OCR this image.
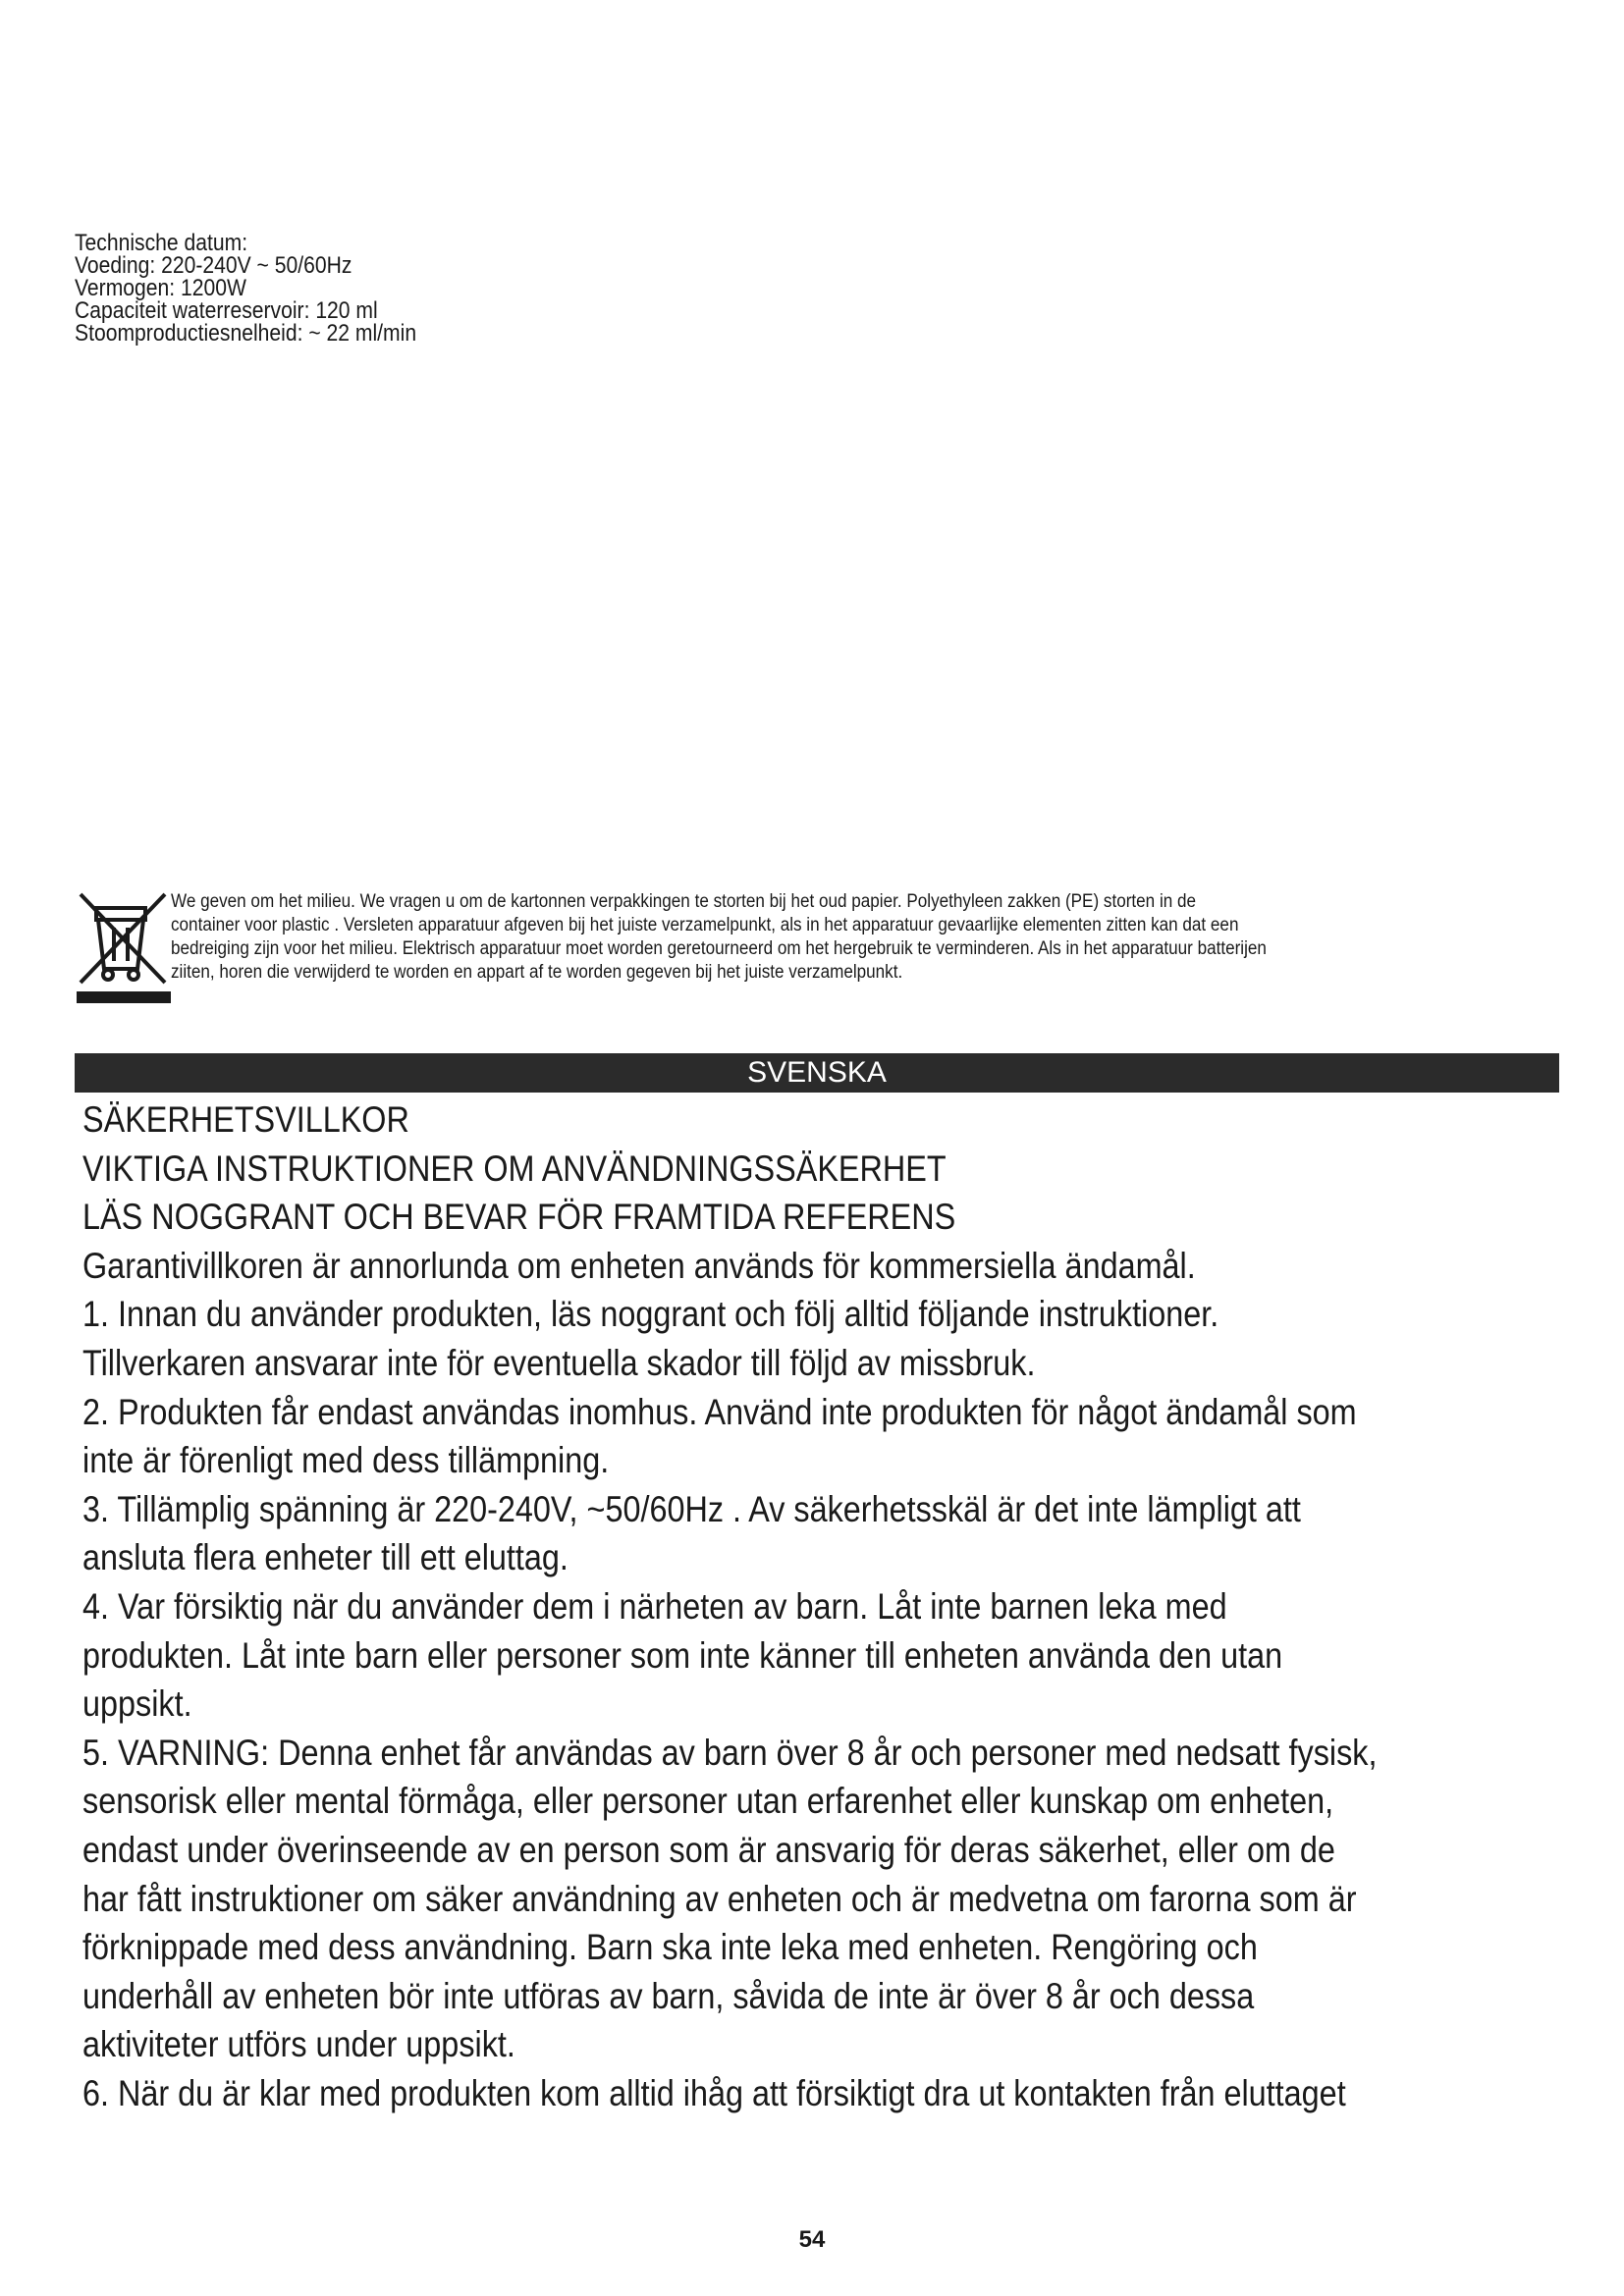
Technische datum:
Voeding: 220-240V ~ 50/60Hz
Vermogen: 1200W
Capaciteit waterreservoir: 120 ml
Stoomproductiesnelheid: ~ 22 ml/min
We geven om het milieu. We vragen u om de kartonnen verpakkingen te storten bij het oud papier. Polyethyleen zakken (PE) storten in de
container voor plastic . Versleten apparatuur afgeven bij het juiste verzamelpunkt, als in het apparatuur gevaarlijke elementen zitten kan dat een
bedreiging zijn voor het milieu. Elektrisch apparatuur moet worden geretourneerd om het hergebruik te verminderen. Als in het apparatuur batterijen
ziiten, horen die verwijderd te worden en appart af te worden gegeven bij het juiste verzamelpunkt.
SVENSKA
SÄKERHETSVILLKOR
VIKTIGA INSTRUKTIONER OM ANVÄNDNINGSSÄKERHET
LÄS NOGGRANT OCH BEVAR FÖR FRAMTIDA REFERENS
Garantivillkoren är annorlunda om enheten används för kommersiella ändamål.
1. Innan du använder produkten, läs noggrant och följ alltid följande instruktioner.
Tillverkaren ansvarar inte för eventuella skador till följd av missbruk.
2. Produkten får endast användas inomhus. Använd inte produkten för något ändamål som
inte är förenligt med dess tillämpning.
3. Tillämplig spänning är 220-240V, ~50/60Hz . Av säkerhetsskäl är det inte lämpligt att
ansluta flera enheter till ett eluttag.
4. Var försiktig när du använder dem i närheten av barn. Låt inte barnen leka med
produkten. Låt inte barn eller personer som inte känner till enheten använda den utan
uppsikt.
5. VARNING: Denna enhet får användas av barn över 8 år och personer med nedsatt fysisk,
sensorisk eller mental förmåga, eller personer utan erfarenhet eller kunskap om enheten,
endast under överinseende av en person som är ansvarig för deras säkerhet, eller om de
har fått instruktioner om säker användning av enheten och är medvetna om farorna som är
förknippade med dess användning. Barn ska inte leka med enheten. Rengöring och
underhåll av enheten bör inte utföras av barn, såvida de inte är över 8 år och dessa
aktiviteter utförs under uppsikt.
6. När du är klar med produkten kom alltid ihåg att försiktigt dra ut kontakten från eluttaget
54
